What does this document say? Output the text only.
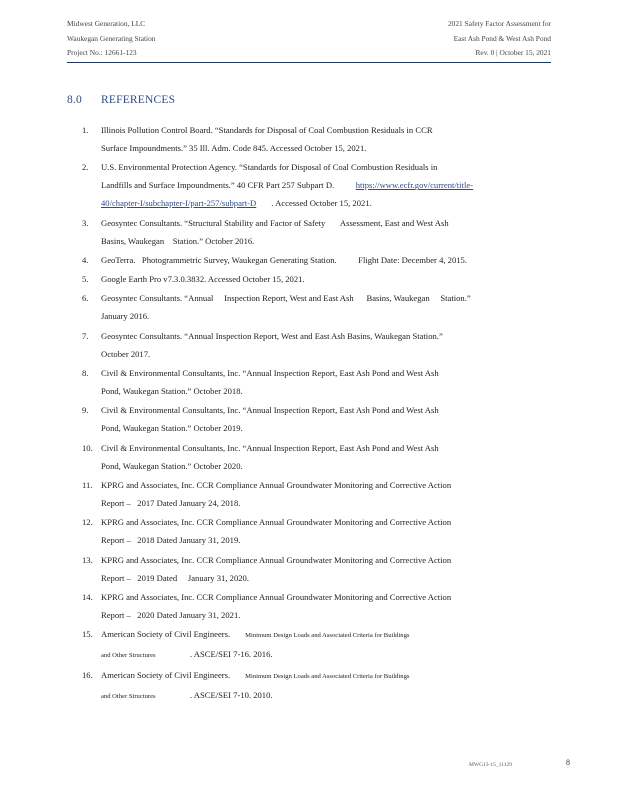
Midwest Generation, LLC
Waukegan Generating Station
Project No.: 12661-123
2021 Safety Factor Assessment for
East Ash Pond & West Ash Pond
Rev. 0 | October 15, 2021
8.0 REFERENCES
1.	Illinois Pollution Control Board. “Standards for Disposal of Coal Combustion Residuals in CCR
Surface Impoundments.” 35 Ill. Adm. Code 845. Accessed October 15, 2021.
2.	U.S. Environmental Protection Agency. “Standards for Disposal of Coal Combustion Residuals in
Landfills and Surface Impoundments.” 40 CFR Part 257 Subpart D. https://www.ecfr.gov/current/title-
40/chapter-I/subchapter-I/part-257/subpart-D . Accessed October 15, 2021.
3.	Geosyntec Consultants. “Structural Stability and Factor of Safety       Assessment, East and West Ash
Basins, Waukegan    Station.” October 2016.
4.	GeoTerra.   Photogrammetric Survey, Waukegan Generating Station.          Flight Date: December 4, 2015.
5.	Google Earth Pro v7.3.0.3832. Accessed October 15, 2021.
6.	Geosyntec Consultants. “Annual     Inspection Report, West and East Ash      Basins, Waukegan     Station.”
January 2016.
7.	Geosyntec Consultants. “Annual Inspection Report, West and East Ash Basins, Waukegan Station.”
October 2017.
8.	Civil & Environmental Consultants, Inc. “Annual Inspection Report, East Ash Pond and West Ash
Pond, Waukegan Station.” October 2018.
9.	Civil & Environmental Consultants, Inc. “Annual Inspection Report, East Ash Pond and West Ash
Pond, Waukegan Station.” October 2019.
10. Civil & Environmental Consultants, Inc. “Annual Inspection Report, East Ash Pond and West Ash
Pond, Waukegan Station.” October 2020.
11. KPRG and Associates, Inc. CCR Compliance Annual Groundwater Monitoring and Corrective Action
Report –   2017 Dated January 24, 2018.
12. KPRG and Associates, Inc. CCR Compliance Annual Groundwater Monitoring and Corrective Action
Report –   2018 Dated January 31, 2019.
13. KPRG and Associates, Inc. CCR Compliance Annual Groundwater Monitoring and Corrective Action
Report –   2019 Dated     January 31, 2020.
14. KPRG and Associates, Inc. CCR Compliance Annual Groundwater Monitoring and Corrective Action
Report –   2020 Dated January 31, 2021.
15. American Society of Civil Engineers. Minimum Design Loads and Associated Criteria for Buildings
and Other Structures	. ASCE/SEI 7-16. 2016.
16. American Society of Civil Engineers. Minimum Design Loads and Associated Criteria for Buildings
and Other Structures	. ASCE/SEI 7-10. 2010.
MWG13-15_11129	8
